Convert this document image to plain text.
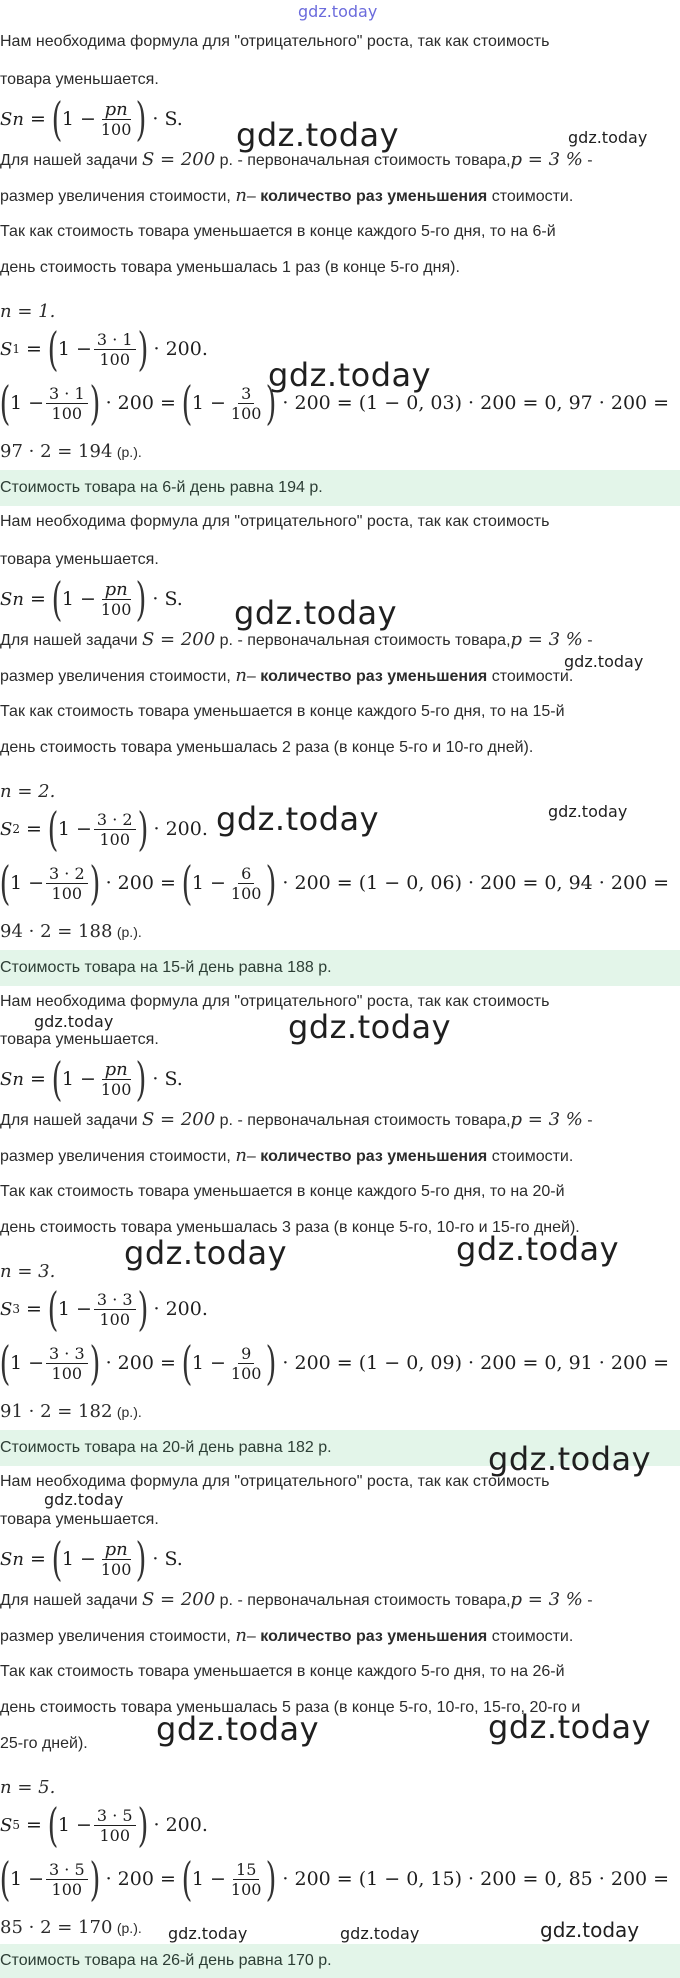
gdz.today
Нам необходима формула для "отрицательного" роста, так как стоимость
товара уменьшается.
S n = ( $1 - \frac{pn}{100}$ ) · S.
Для нашей задачи S = 200 р. - первоначальная стоимость товара,p = 3 % -
размер увеличения стоимости, n– количество раз уменьшения стоимости.
Так как стоимость товара уменьшается в конце каждого 5-го дня, то на 6-й
день стоимость товара уменьшалась 1 раз (в конце 5-го дня).
n = 1.
S 1 = ( $1 - \frac{3 \cdot 1}{100}$ ) · 200.
( $1 - \frac{3 \cdot 1}{100}$ ) · 200 = ( $1 - \frac{3}{100}$ ) · 200 = (1 − 0, 03) · 200 = 0, 97 · 200 =
97 · 2 = 194 (р.).
Стоимость товара на 6-й день равна 194 р.
Нам необходима формула для "отрицательного" роста, так как стоимость
товара уменьшается.
S n = ( $1 - \frac{pn}{100}$ ) · S.
Для нашей задачи S = 200 р. - первоначальная стоимость товара,p = 3 % -
размер увеличения стоимости, n– количество раз уменьшения стоимости.
Так как стоимость товара уменьшается в конце каждого 5-го дня, то на 15-й
день стоимость товара уменьшалась 2 раза (в конце 5-го и 10-го дней).
n = 2.
S 2 = ( $1 - \frac{3 \cdot 2}{100}$ ) · 200.
( $1 - \frac{3 \cdot 2}{100}$ ) · 200 = ( $1 - \frac{6}{100}$ ) · 200 = (1 − 0, 06) · 200 = 0, 94 · 200 =
94 · 2 = 188 (р.).
Стоимость товара на 15-й день равна 188 р.
Нам необходима формула для "отрицательного" роста, так как стоимость
товара уменьшается.
S n = ( $1 - \frac{pn}{100}$ ) · S.
Для нашей задачи S = 200 р. - первоначальная стоимость товара,p = 3 % -
размер увеличения стоимости, n– количество раз уменьшения стоимости.
Так как стоимость товара уменьшается в конце каждого 5-го дня, то на 20-й
день стоимость товара уменьшалась 3 раза (в конце 5-го, 10-го и 15-го дней).
n = 3.
S 3 = ( $1 - \frac{3 \cdot 3}{100}$ ) · 200.
( $1 - \frac{3 \cdot 3}{100}$ ) · 200 = ( $1 - \frac{9}{100}$ ) · 200 = (1 − 0, 09) · 200 = 0, 91 · 200 =
91 · 2 = 182 (р.).
Стоимость товара на 20-й день равна 182 р.
Нам необходима формула для "отрицательного" роста, так как стоимость
товара уменьшается.
S n = ( $1 - \frac{pn}{100}$ ) · S.
Для нашей задачи S = 200 р. - первоначальная стоимость товара,p = 3 % -
размер увеличения стоимости, n– количество раз уменьшения стоимости.
Так как стоимость товара уменьшается в конце каждого 5-го дня, то на 26-й
день стоимость товара уменьшалась 5 раза (в конце 5-го, 10-го, 15-го, 20-го и
25-го дней).
n = 5.
S 5 = ( $1 - \frac{3 \cdot 5}{100}$ ) · 200.
( $1 - \frac{3 \cdot 5}{100}$ ) · 200 = ( $1 - \frac{15}{100}$ ) · 200 = (1 − 0, 15) · 200 = 0, 85 · 200 =
85 · 2 = 170 (р.).
Стоимость товара на 26-й день равна 170 р.
gdz.today	gdz.today
gdz.today
gdz.today
gdz.today
gdz.today	gdz.today
gdz.today	gdz.today
gdz.today	gdz.today
gdz.today
gdz.today
gdz.today	gdz.today
gdz.today	gdz.today	gdz.today
